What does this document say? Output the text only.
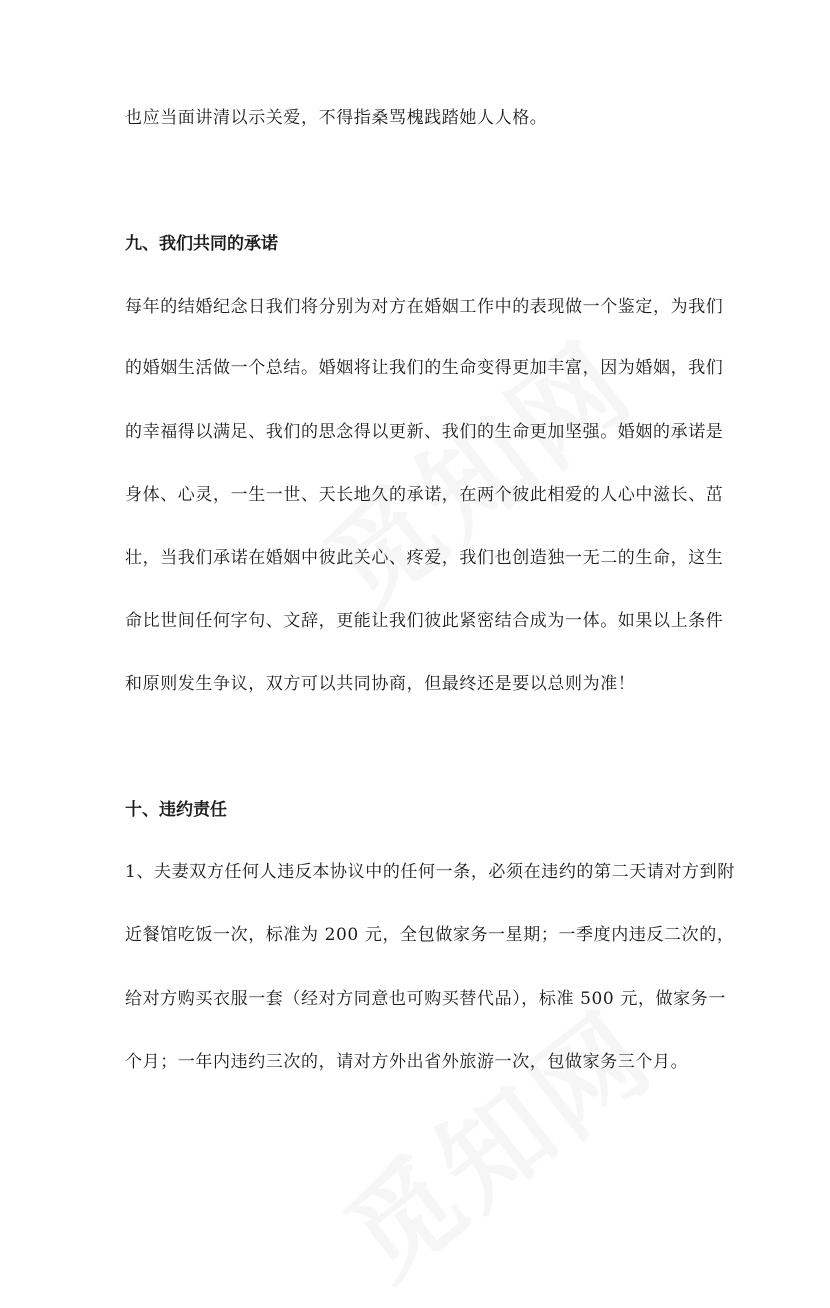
也应当面讲清以示关爱，不得指桑骂槐践踏她人人格。
九、我们共同的承诺
每年的结婚纪念日我们将分别为对方在婚姻工作中的表现做一个鉴定，为我们
的婚姻生活做一个总结。婚姻将让我们的生命变得更加丰富，因为婚姻，我们
的幸福得以满足、我们的思念得以更新、我们的生命更加坚强。婚姻的承诺是
身体、心灵，一生一世、天长地久的承诺，在两个彼此相爱的人心中滋长、茁
壮，当我们承诺在婚姻中彼此关心、疼爱，我们也创造独一无二的生命，这生
命比世间任何字句、文辞，更能让我们彼此紧密结合成为一体。如果以上条件
和原则发生争议，双方可以共同协商，但最终还是要以总则为准！
十、违约责任
1、夫妻双方任何人违反本协议中的任何一条，必须在违约的第二天请对方到附
近餐馆吃饭一次，标准为 200 元，全包做家务一星期；一季度内违反二次的，
给对方购买衣服一套（经对方同意也可购买替代品），标准 500 元，做家务一
个月；一年内违约三次的，请对方外出省外旅游一次，包做家务三个月。
